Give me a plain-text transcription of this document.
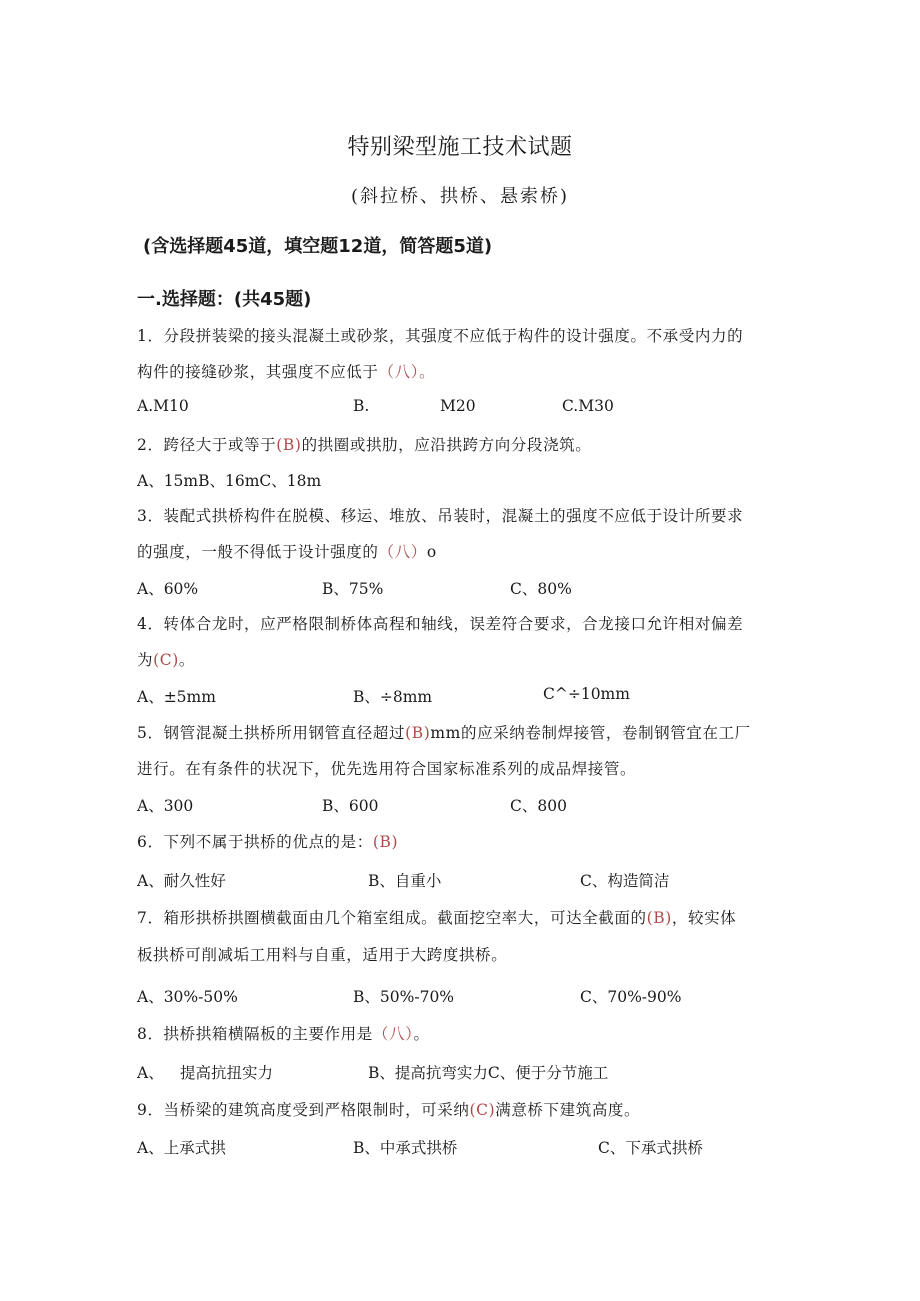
特别梁型施工技术试题
(斜拉桥、拱桥、悬索桥)
(含选择题45道，填空题12道，简答题5道)
一.选择题：(共45题)
1．分段拼装梁的接头混凝土或砂浆，其强度不应低于构件的设计强度。不承受内力的
构件的接缝砂浆，其强度不应低于（八）。
A.M10	B.	M20	C.M30
2．跨径大于或等于(B)的拱圈或拱肋，应沿拱跨方向分段浇筑。
A、15mB、16mC、18m
3．装配式拱桥构件在脱模、移运、堆放、吊装时，混凝土的强度不应低于设计所要求
的强度，一般不得低于设计强度的（八）o
A、60%	B、75%	C、80%
4．转体合龙时，应严格限制桥体高程和轴线，误差符合要求，合龙接口允许相对偏差
为(C)。
A、±5mm	B、÷8mm	C^÷10mm
5．钢管混凝土拱桥所用钢管直径超过(B)mm的应采纳卷制焊接管，卷制钢管宜在工厂
进行。在有条件的状况下，优先选用符合国家标准系列的成品焊接管。
A、300	B、600	C、800
6．下列不属于拱桥的优点的是：(B)
A、耐久性好	B、自重小	C、构造简洁
7．箱形拱桥拱圈横截面由几个箱室组成。截面挖空率大，可达全截面的(B)，较实体
板拱桥可削减垢工用料与自重，适用于大跨度拱桥。
A、30%-50%	B、50%-70%	C、70%-90%
8．拱桥拱箱横隔板的主要作用是（八）。
A、 提高抗扭实力	B、提高抗弯实力C、便于分节施工
9．当桥梁的建筑高度受到严格限制时，可采纳(C)满意桥下建筑高度。
A、上承式拱	B、中承式拱桥	C、下承式拱桥
